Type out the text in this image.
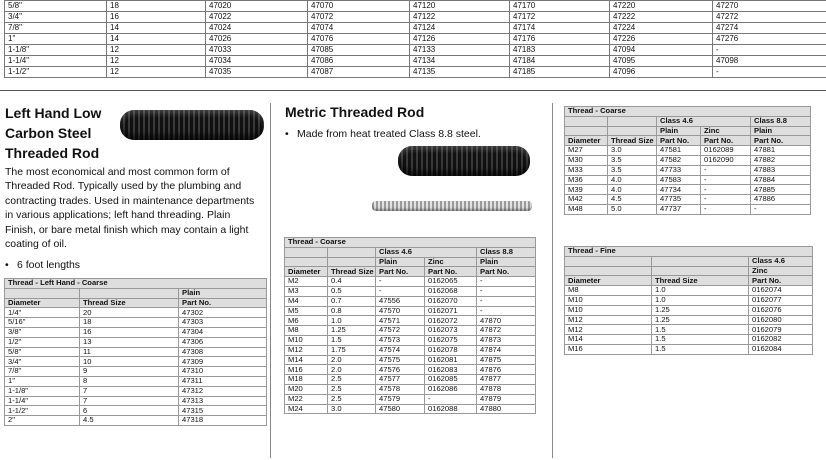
5/8"	18	47020	47070	47120	47170	47220	47270
3/4"	16	47022	47072	47122	47172	47222	47272
7/8"	14	47024	47074	47124	47174	47224	47274
1"	14	47026	47076	47126	47176	47226	47276
1-1/8"	12	47033	47085	47133	47183	47094	-
1-1/4"	12	47034	47086	47134	47184	47095	47098
1-1/2"	12	47035	47087	47135	47185	47096	-
Left Hand Low
Carbon Steel
Threaded Rod
The most economical and most common form of
Threaded Rod. Typically used by the plumbing and
contracting trades. Used in maintenance departments
in various applications; left hand threading. Plain
Finish, or bare metal finish which may contain a light
coating of oil.
• 6 foot lengths
Thread - Left Hand - Coarse		
		Plain
Diameter	Thread Size	Part No.
1/4"	20	47302
5/16"	18	47303
3/8"	16	47304
1/2"	13	47306
5/8"	11	47308
3/4"	10	47309
7/8"	9	47310
1"	8	47311
1-1/8"	7	47312
1-1/4"	7	47313
1-1/2"	6	47315
2"	4.5	47318
Metric Threaded Rod
• Made from heat treated Class 8.8 steel.
Thread - Coarse				
		Class 4.6		Class 8.8
		Plain	Zinc	Plain
Diameter	Thread Size	Part No.	Part No.	Part No.
M2	0.4	-	0162065	-
M3	0.5	-	0162068	-
M4	0.7	47556	0162070	-
M5	0.8	47570	0162071	-
M6	1.0	47571	0162072	47870
M8	1.25	47572	0162073	47872
M10	1.5	47573	0162075	47873
M12	1.75	47574	0162078	47874
M14	2.0	47575	0162081	47875
M16	2.0	47576	0162083	47876
M18	2.5	47577	0162085	47877
M20	2.5	47578	0162086	47878
M22	2.5	47579	-	47879
M24	3.0	47580	0162088	47880
Thread - Coarse				
		Class 4.6		Class 8.8
		Plain	Zinc	Plain
Diameter	Thread Size	Part No.	Part No.	Part No.
M27	3.0	47581	0162089	47881
M30	3.5	47582	0162090	47882
M33	3.5	47733	-	47883
M36	4.0	47583	-	47884
M39	4.0	47734	-	47885
M42	4.5	47735	-	47886
M48	5.0	47737	-	-
Thread - Fine		
		Class 4.6
		Zinc
Diameter	Thread Size	Part No.
M8	1.0	0162074
M10	1.0	0162077
M10	1.25	0162076
M12	1.25	0162080
M12	1.5	0162079
M14	1.5	0162082
M16	1.5	0162084
